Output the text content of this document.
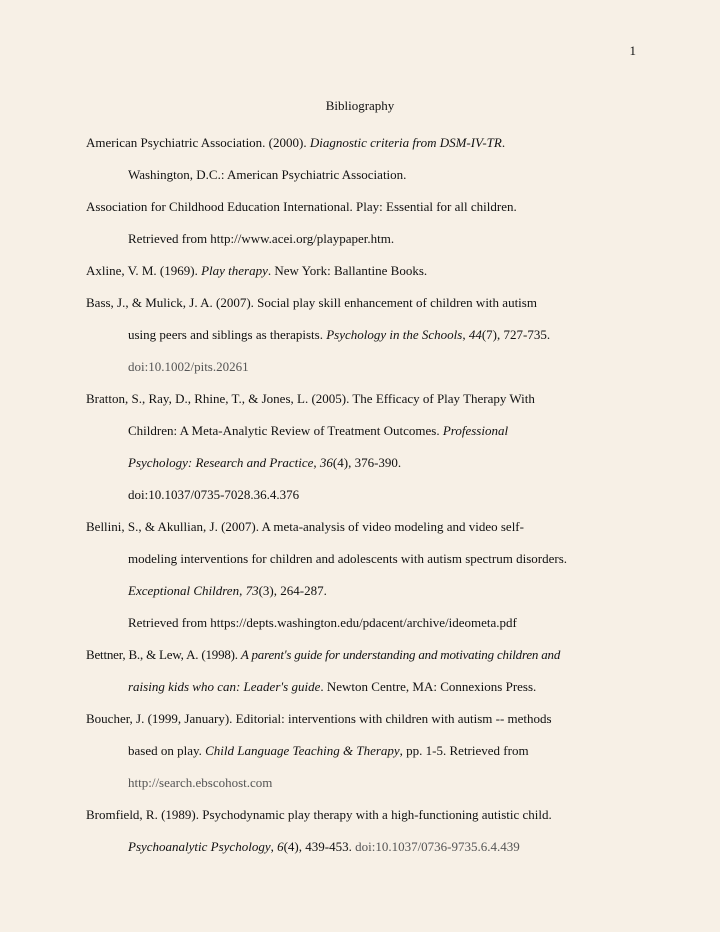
1
Bibliography
American Psychiatric Association. (2000). Diagnostic criteria from DSM-IV-TR.
Washington, D.C.: American Psychiatric Association.
Association for Childhood Education International. Play: Essential for all children.
Retrieved from http://www.acei.org/playpaper.htm.
Axline, V. M. (1969). Play therapy. New York: Ballantine Books.
Bass, J., & Mulick, J. A. (2007). Social play skill enhancement of children with autism
using peers and siblings as therapists. Psychology in the Schools, 44(7), 727-735.
doi:10.1002/pits.20261
Bratton, S., Ray, D., Rhine, T., & Jones, L. (2005). The Efficacy of Play Therapy With
Children: A Meta-Analytic Review of Treatment Outcomes. Professional
Psychology: Research and Practice, 36(4), 376-390.
doi:10.1037/0735-7028.36.4.376
Bellini, S., & Akullian, J. (2007). A meta-analysis of video modeling and video self-
modeling interventions for children and adolescents with autism spectrum disorders.
Exceptional Children, 73(3), 264-287.
Retrieved from https://depts.washington.edu/pdacent/archive/ideometa.pdf
Bettner, B., & Lew, A. (1998). A parent's guide for understanding and motivating children and
raising kids who can: Leader's guide. Newton Centre, MA: Connexions Press.
Boucher, J. (1999, January). Editorial: interventions with children with autism -- methods
based on play. Child Language Teaching & Therapy, pp. 1-5. Retrieved from
http://search.ebscohost.com
Bromfield, R. (1989). Psychodynamic play therapy with a high-functioning autistic child.
Psychoanalytic Psychology, 6(4), 439-453. doi:10.1037/0736-9735.6.4.439
